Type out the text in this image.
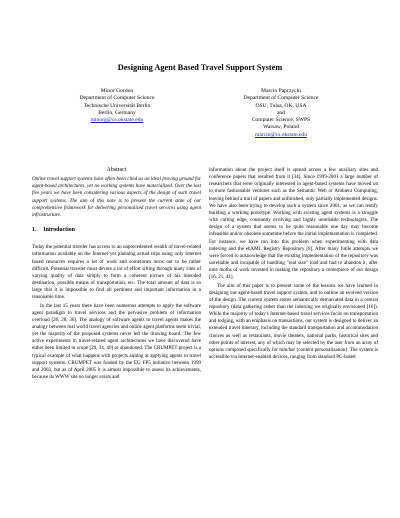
Designing Agent Based Travel Support System
Minor Gordon
Department of Computer Science
Technische Universität Berlin
Berlin, Germany
minorg@cs.okstate.edu
Marcin Paprzycki
Department of Computer Science
OSU, Tulsa, OK, USA
and
Computer Science, SWPS
Warsaw, Poland
marcin@cs.okstate.edu
Abstract
Online travel support systems have often been cited as an ideal proving ground for agent-based architectures, yet no working systems have materialized. Over the last five years we have been considering various aspects of the design of such travel support systems. The aim of this note is to present the current state of our comprehensive framework for delivering personalized travel services using agent infrastructure.
1. Introduction
Today the potential traveler has access to an unprecedented wealth of travel-related information available on the Internet yet planning actual trips using only Internet based resources requires a lot of work and sometimes turns out to be rather difficult. Potential traveler must devote a lot of effort sifting through many sites of varying quality of data simply to form a coherent picture of his intended destination, possible means of transportation, etc. The total amount of data is so large that it is impossible to find all pertinent and important information in a reasonable time.
In the last 15 years there have been numerous attempts to apply the software agent paradigm to travel services and the pervasive problem of information overload [26, 28, 30]. The analogy of software agents to travel agents makes the analogy between real world travel agencies and online agent platforms seem trivial, yet the majority of the proposed systems never left the drawing board. The few active experiments in travel-related agent architectures we have discovered have either been limited in scope [29, 34, 40] or abandoned. The CRUMPET project is a typical example of what happens with projects aiming at applying agents in travel support systems. CRUMPET was funded by the EU FP5 initiative between 1999 and 2003, but as of April 2005 it is almost impossible to assess its achievements, because its WWW site no longer exists and
information about the project itself is spread across a few auxiliary sites and conference papers that resulted from it [34]. Since 1999-2001 a large number of researchers that were originally interested in agent-based systems have moved on to more fashionable ventures such as the Semantic Web or Ambient Computing, leaving behind a trail of papers and unfinished, only partially implemented designs. We have also been trying to develop such a system since 2001, as we can testify building a working prototype. Working with existing agent systems is a struggle with cutting edge, constantly evolving and highly unreliable technologies. The design of a system that seems to be quite reasonable one day may become infeasible and/or obsolete sometime before the initial implementation is completed. For instance, we have run into this problem when experimenting with data indexing and the ebXML Registry Repository [8]. After many futile attempts we were forced to acknowledge that the existing implementation of the repository was unreliable and incapable of handling "real size" load and had to abandon it, after nine moths of work invested in making the repository a centerpiece of our design [16, 21, 41].
The aim of this paper is to present some of the lessons we have learned in designing our agent-based travel support system, and to outline an evolved version of the design. The current system stores semantically demarcated data in a central repository (data gathering rather than the indexing we originally envisioned [16]). While the majority of today's Internet-based travel services focus on transportation and lodging, with an emphasis on transactions, our system is designed to deliver an extended travel itinerary, including the standard transportation and accommodation choices as well as restaurants, movie theaters, national parks, historical sites and other points of interest, any of which may be selected by the user from an array of options composed specifically for him/her (content personalization). The system is accessible via Internet-enabled devices, ranging from standard PC-based
